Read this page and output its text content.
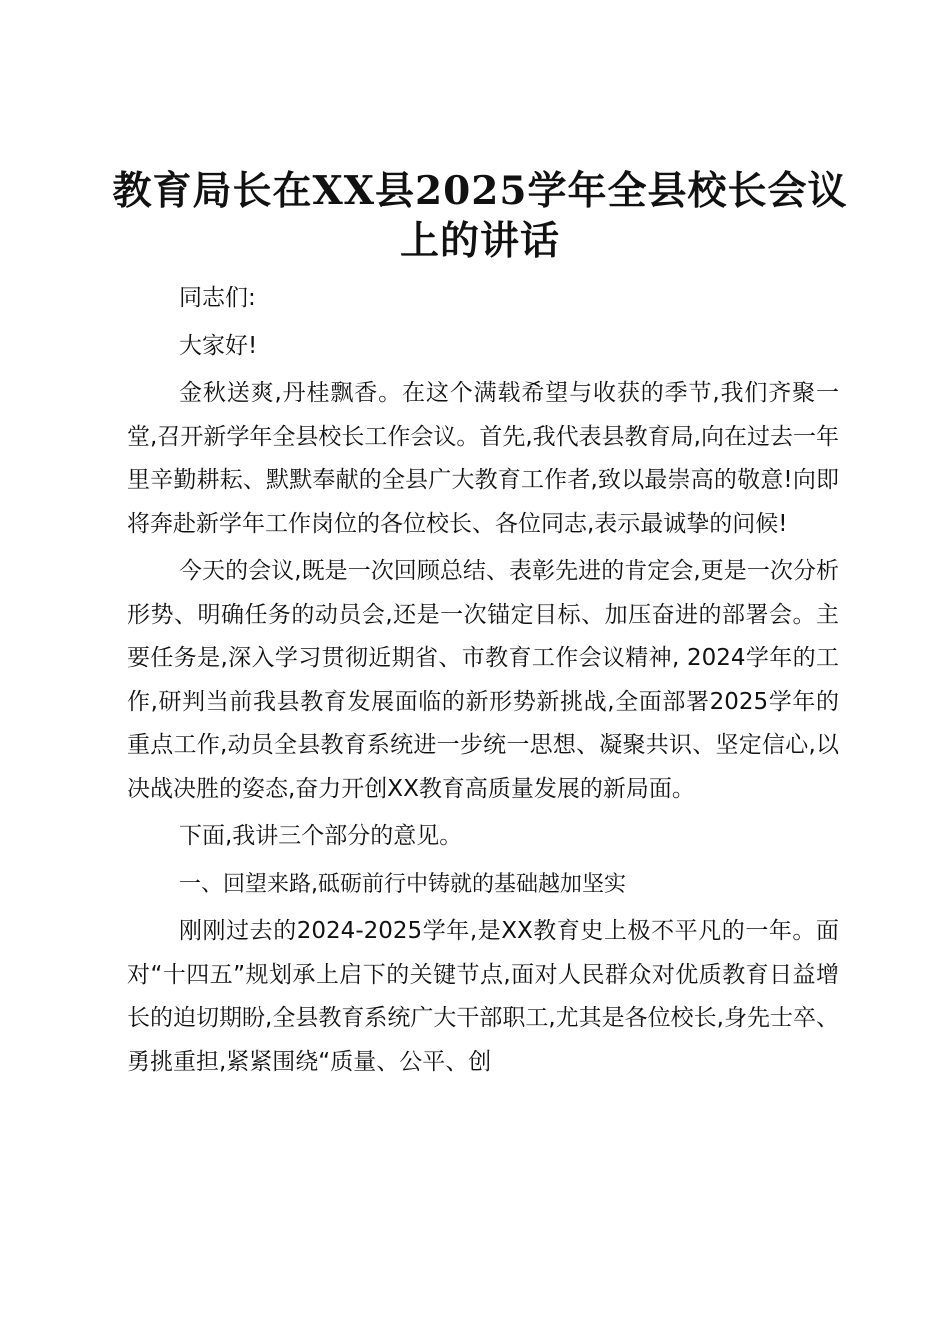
教育局长在XX县2025学年全县校长会议上的讲话

同志们:

大家好!

金秋送爽,丹桂飘香。在这个满载希望与收获的季节,我们齐聚一堂,召开新学年全县校长工作会议。首先,我代表县教育局,向在过去一年里辛勤耕耘、默默奉献的全县广大教育工作者,致以最崇高的敬意!向即将奔赴新学年工作岗位的各位校长、各位同志,表示最诚挚的问候!

今天的会议,既是一次回顾总结、表彰先进的肯定会,更是一次分析形势、明确任务的动员会,还是一次锚定目标、加压奋进的部署会。主要任务是,深入学习贯彻近期省、市教育工作会议精神, 2024学年的工作,研判当前我县教育发展面临的新形势新挑战,全面部署2025学年的重点工作,动员全县教育系统进一步统一思想、凝聚共识、坚定信心,以决战决胜的姿态,奋力开创XX教育高质量发展的新局面。

下面,我讲三个部分的意见。

一、回望来路,砥砺前行中铸就的基础越加坚实

刚刚过去的2024-2025学年,是XX教育史上极不平凡的一年。面对“十四五”规划承上启下的关键节点,面对人民群众对优质教育日益增长的迫切期盼,全县教育系统广大干部职工,尤其是各位校长,身先士卒、勇挑重担,紧紧围绕“质量、公平、创
